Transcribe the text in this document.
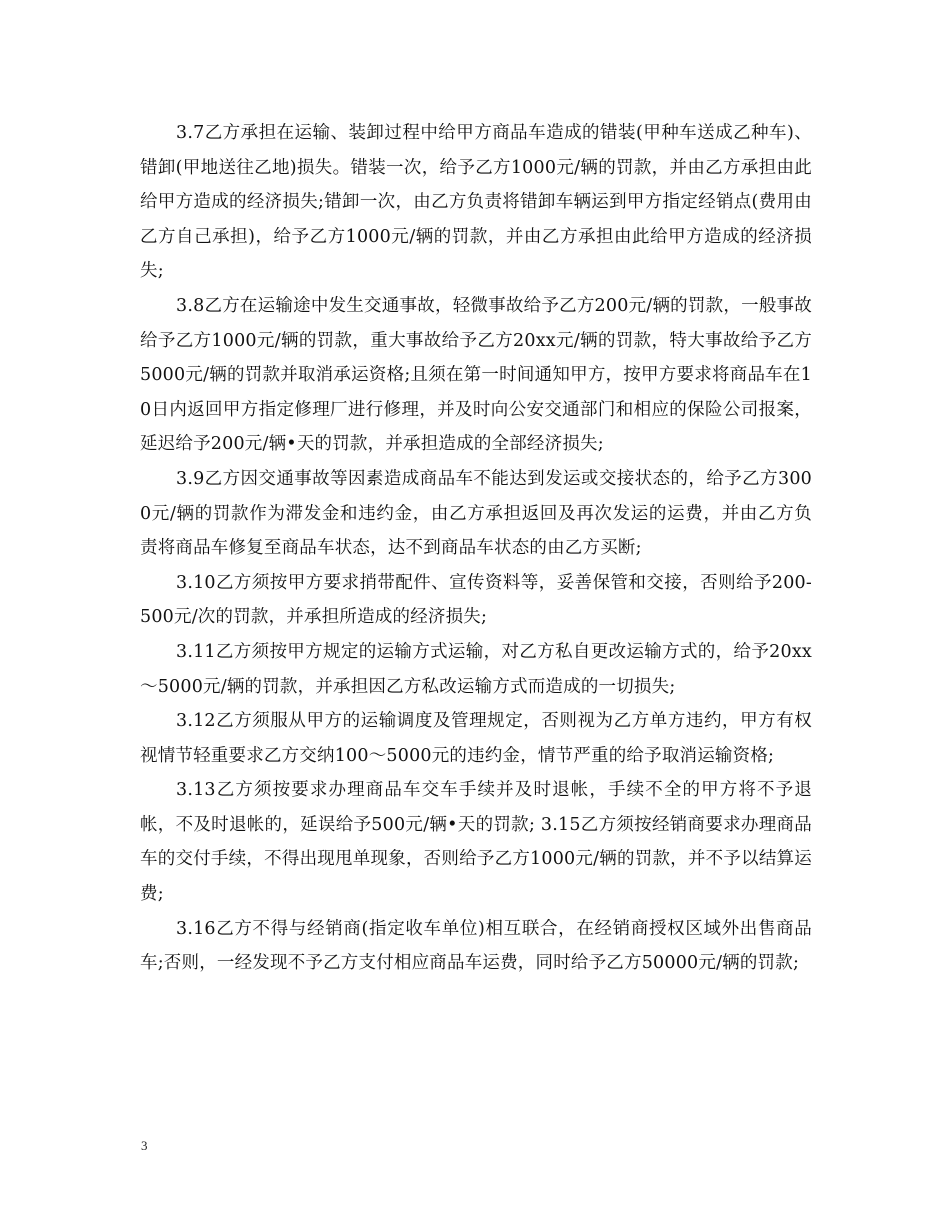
3.7乙方承担在运输、装卸过程中给甲方商品车造成的错装(甲种车送成乙种车)、错卸(甲地送往乙地)损失。错装一次，给予乙方1000元/辆的罚款，并由乙方承担由此给甲方造成的经济损失;错卸一次，由乙方负责将错卸车辆运到甲方指定经销点(费用由乙方自己承担)，给予乙方1000元/辆的罚款，并由乙方承担由此给甲方造成的经济损失;

3.8乙方在运输途中发生交通事故，轻微事故给予乙方200元/辆的罚款，一般事故给予乙方1000元/辆的罚款，重大事故给予乙方20xx元/辆的罚款，特大事故给予乙方5000元/辆的罚款并取消承运资格;且须在第一时间通知甲方，按甲方要求将商品车在10日内返回甲方指定修理厂进行修理，并及时向公安交通部门和相应的保险公司报案，延迟给予200元/辆•天的罚款，并承担造成的全部经济损失;

3.9乙方因交通事故等因素造成商品车不能达到发运或交接状态的，给予乙方3000元/辆的罚款作为滞发金和违约金，由乙方承担返回及再次发运的运费，并由乙方负责将商品车修复至商品车状态，达不到商品车状态的由乙方买断;

3.10乙方须按甲方要求捎带配件、宣传资料等，妥善保管和交接，否则给予200-500元/次的罚款，并承担所造成的经济损失;

3.11乙方须按甲方规定的运输方式运输，对乙方私自更改运输方式的，给予20xx～5000元/辆的罚款，并承担因乙方私改运输方式而造成的一切损失;

3.12乙方须服从甲方的运输调度及管理规定，否则视为乙方单方违约，甲方有权视情节轻重要求乙方交纳100～5000元的违约金，情节严重的给予取消运输资格;

3.13乙方须按要求办理商品车交车手续并及时退帐，手续不全的甲方将不予退帐，不及时退帐的，延误给予500元/辆•天的罚款; 3.15乙方须按经销商要求办理商品车的交付手续，不得出现甩单现象，否则给予乙方1000元/辆的罚款，并不予以结算运费;

3.16乙方不得与经销商(指定收车单位)相互联合，在经销商授权区域外出售商品车;否则，一经发现不予乙方支付相应商品车运费，同时给予乙方50000元/辆的罚款;

3
